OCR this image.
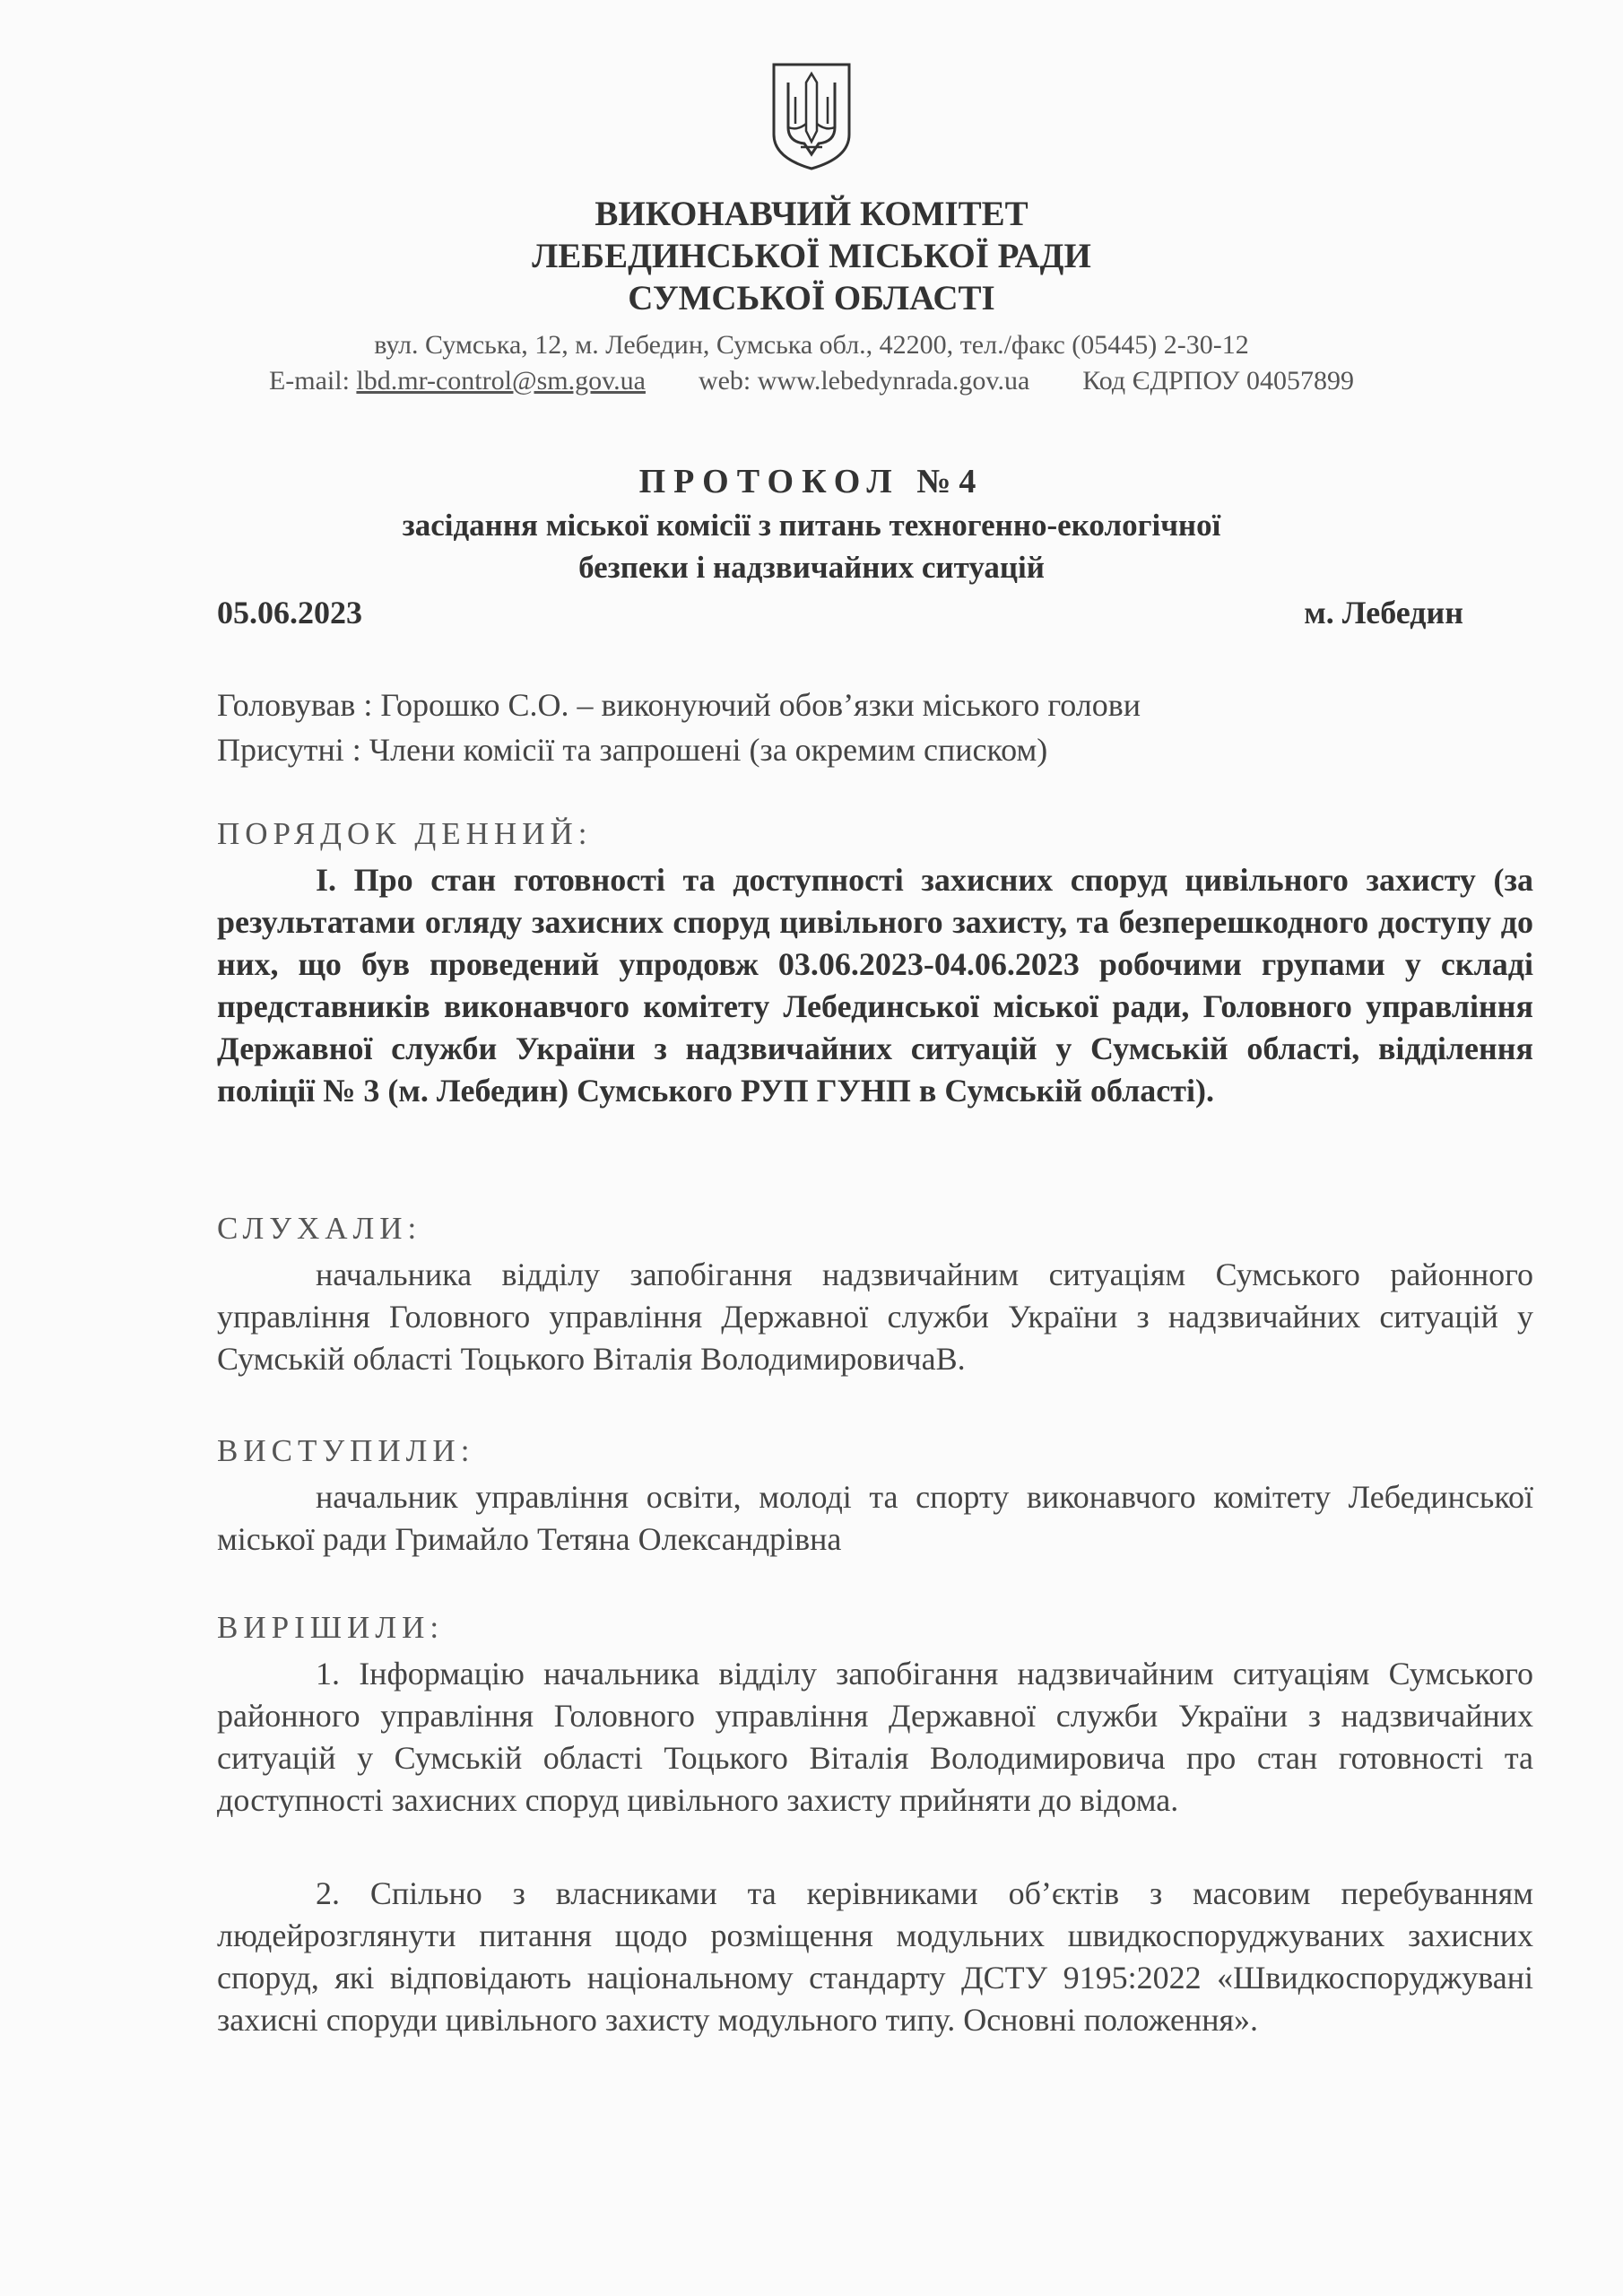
ВИКОНАВЧИЙ КОМІТЕТ
ЛЕБЕДИНСЬКОЇ МІСЬКОЇ РАДИ
СУМСЬКОЇ ОБЛАСТІ
вул. Сумська, 12, м. Лебедин, Сумська обл., 42200, тел./факс (05445) 2-30-12
E-mail: lbd.mr-control@sm.gov.ua web: www.lebedynrada.gov.ua Код ЄДРПОУ 04057899
ПРОТОКОЛ №4
засідання міської комісії з питань техногенно-екологічної
безпеки і надзвичайних ситуацій
05.06.2023	м. Лебедин
Головував : Горошко С.О. – виконуючий обов’язки міського голови
Присутні : Члени комісії та запрошені (за окремим списком)
ПОРЯДОК ДЕННИЙ:
І. Про стан готовності та доступності захисних споруд цивільного захисту (за результатами огляду захисних споруд цивільного захисту, та безперешкодного доступу до них, що був проведений упродовж 03.06.2023-04.06.2023 робочими групами у складі представників виконавчого комітету Лебединської міської ради, Головного управління Державної служби України з надзвичайних ситуацій у Сумській області, відділення поліції № 3 (м. Лебедин) Сумського РУП ГУНП в Сумській області).
СЛУХАЛИ:
начальника відділу запобігання надзвичайним ситуаціям Сумського районного управління Головного управління Державної служби України з надзвичайних ситуацій у Сумській області Тоцького Віталія ВолодимировичаВ.
ВИСТУПИЛИ:
начальник управління освіти, молоді та спорту виконавчого комітету Лебединської міської ради Гримайло Тетяна Олександрівна
ВИРІШИЛИ:
1. Інформацію начальника відділу запобігання надзвичайним ситуаціям Сумського районного управління Головного управління Державної служби України з надзвичайних ситуацій у Сумській області Тоцького Віталія Володимировича про стан готовності та доступності захисних споруд цивільного захисту прийняти до відома.
2. Спільно з власниками та керівниками об’єктів з масовим перебуванням людейрозглянути питання щодо розміщення модульних швидкоспоруджуваних захисних споруд, які відповідають національному стандарту ДСТУ 9195:2022 «Швидкоспоруджувані захисні споруди цивільного захисту модульного типу. Основні положення».
